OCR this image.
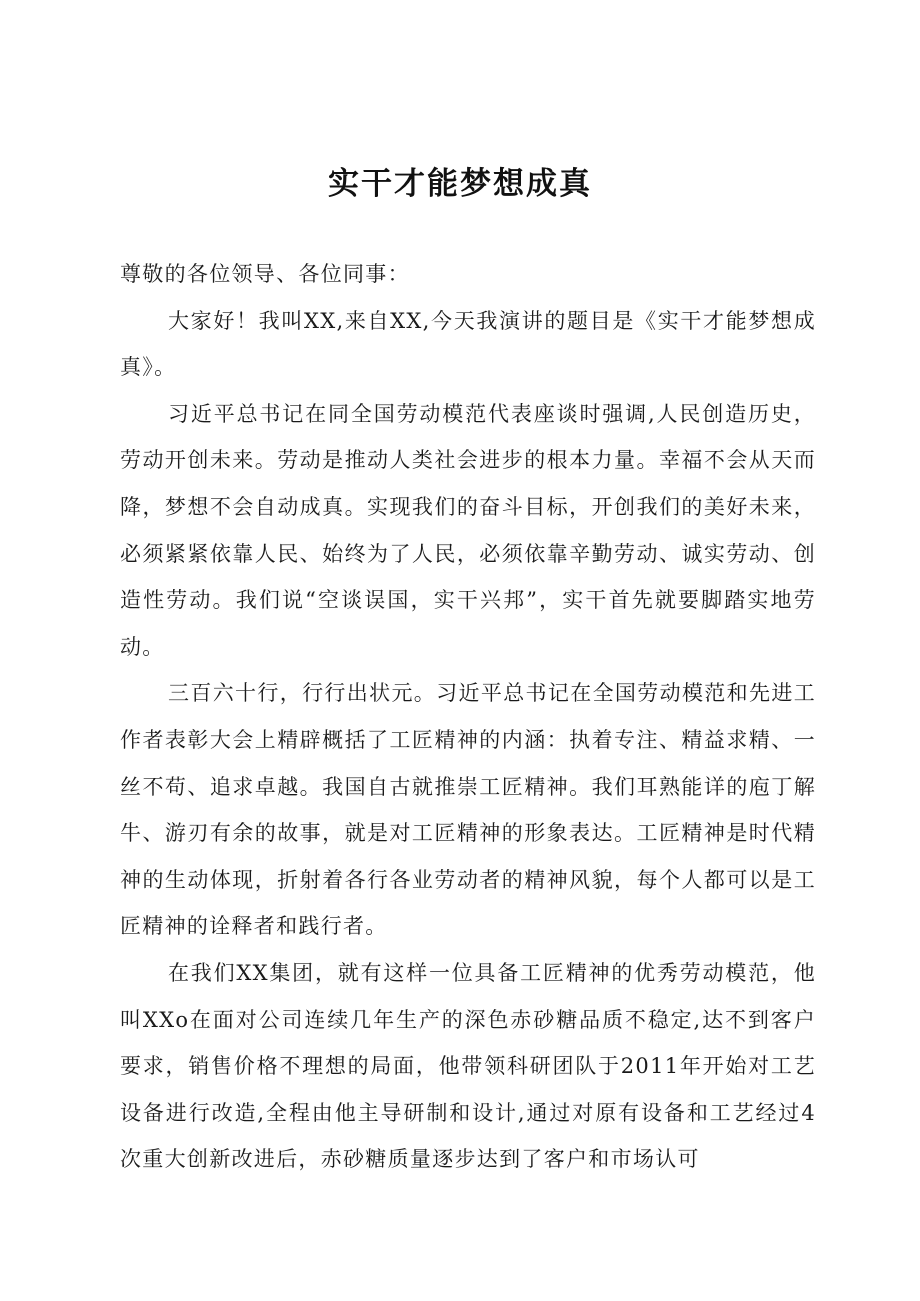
实干才能梦想成真

尊敬的各位领导、各位同事：

大家好！我叫XX,来自XX,今天我演讲的题目是《实干才能梦想成真》。

习近平总书记在同全国劳动模范代表座谈时强调,人民创造历史，劳动开创未来。劳动是推动人类社会进步的根本力量。幸福不会从天而降，梦想不会自动成真。实现我们的奋斗目标，开创我们的美好未来，必须紧紧依靠人民、始终为了人民，必须依靠辛勤劳动、诚实劳动、创造性劳动。我们说“空谈误国，实干兴邦”，实干首先就要脚踏实地劳动。

三百六十行，行行出状元。习近平总书记在全国劳动模范和先进工作者表彰大会上精辟概括了工匠精神的内涵：执着专注、精益求精、一丝不苟、追求卓越。我国自古就推崇工匠精神。我们耳熟能详的庖丁解牛、游刃有余的故事，就是对工匠精神的形象表达。工匠精神是时代精神的生动体现，折射着各行各业劳动者的精神风貌，每个人都可以是工匠精神的诠释者和践行者。

在我们XX集团，就有这样一位具备工匠精神的优秀劳动模范，他叫XXo在面对公司连续几年生产的深色赤砂糖品质不稳定,达不到客户要求，销售价格不理想的局面，他带领科研团队于2011年开始对工艺设备进行改造,全程由他主导研制和设计,通过对原有设备和工艺经过4次重大创新改进后，赤砂糖质量逐步达到了客户和市场认可
